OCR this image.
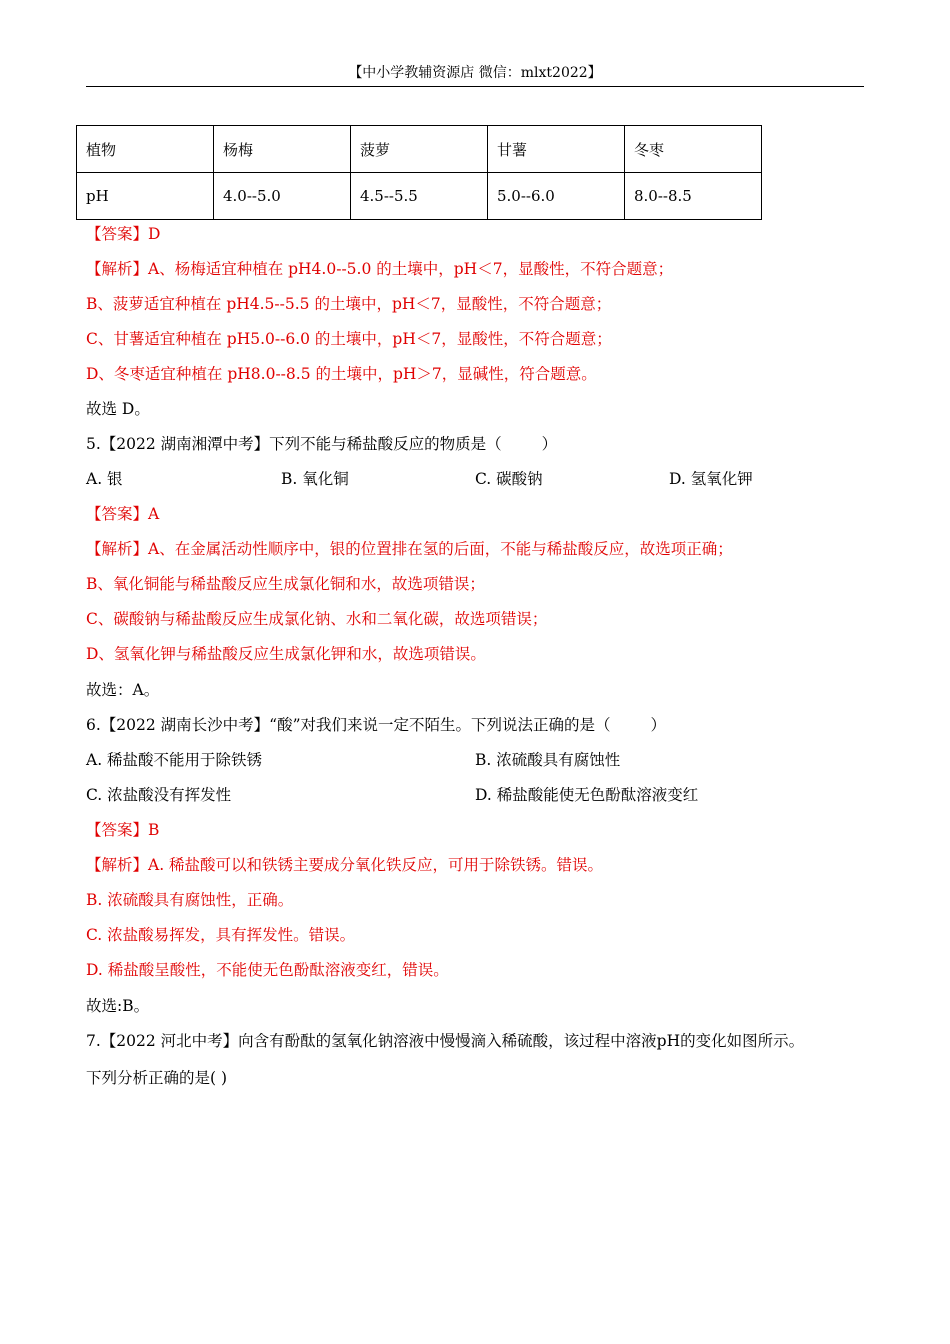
【中小学教辅资源店 微信：mlxt2022】
植物	杨梅	菠萝	甘薯	冬枣
pH	4.0--5.0	4.5--5.5	5.0--6.0	8.0--8.5
【答案】D
【解析】A、杨梅适宜种植在 pH4.0--5.0 的土壤中，pH＜7，显酸性，不符合题意；
B、菠萝适宜种植在 pH4.5--5.5 的土壤中，pH＜7，显酸性，不符合题意；
C、甘薯适宜种植在 pH5.0--6.0 的土壤中，pH＜7，显酸性，不符合题意；
D、冬枣适宜种植在 pH8.0--8.5 的土壤中，pH＞7，显碱性，符合题意。
故选 D。
5.【2022 湖南湘潭中考】下列不能与稀盐酸反应的物质是（	）
A. 银	B. 氧化铜	C. 碳酸钠	D. 氢氧化钾
【答案】A
【解析】A、在金属活动性顺序中，银的位置排在氢的后面，不能与稀盐酸反应，故选项正确；
B、氧化铜能与稀盐酸反应生成氯化铜和水，故选项错误；
C、碳酸钠与稀盐酸反应生成氯化钠、水和二氧化碳，故选项错误；
D、氢氧化钾与稀盐酸反应生成氯化钾和水，故选项错误。
故选：A。
6.【2022 湖南长沙中考】“酸”对我们来说一定不陌生。下列说法正确的是（	）
A. 稀盐酸不能用于除铁锈	B. 浓硫酸具有腐蚀性
C. 浓盐酸没有挥发性	D. 稀盐酸能使无色酚酞溶液变红
【答案】B
【解析】A. 稀盐酸可以和铁锈主要成分氧化铁反应，可用于除铁锈。错误。
B. 浓硫酸具有腐蚀性，正确。
C. 浓盐酸易挥发，具有挥发性。错误。
D. 稀盐酸呈酸性，不能使无色酚酞溶液变红，错误。
故选:B。
7.【2022 河北中考】向含有酚酞的氢氧化钠溶液中慢慢滴入稀硫酸，该过程中溶液pH的变化如图所示。
下列分析正确的是( )
